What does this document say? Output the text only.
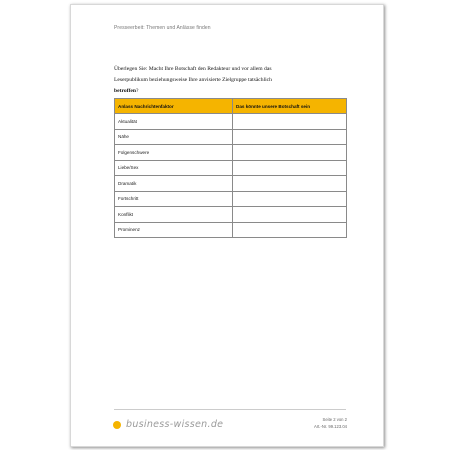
Presseerbeit: Themen und Anlässe finden
Überlegen Sie: Macht Ihre Botschaft den Redakteur und vor allem das
Leserpublikum beziehungsweise Ihre anvisierte Zielgruppe tatsächlich
betroffen?
Anlass Nachrichtenfaktor	Das könnte unsere Botschaft sein
Aktualität	
Nähe	
Folgenschwere	
Liebe/Sex	
Dramatik	
Fortschritt	
Konflikt	
Prominenz	
business-wissen.de	Seite 2 von 2
Art.-Nr. 99.123.04
